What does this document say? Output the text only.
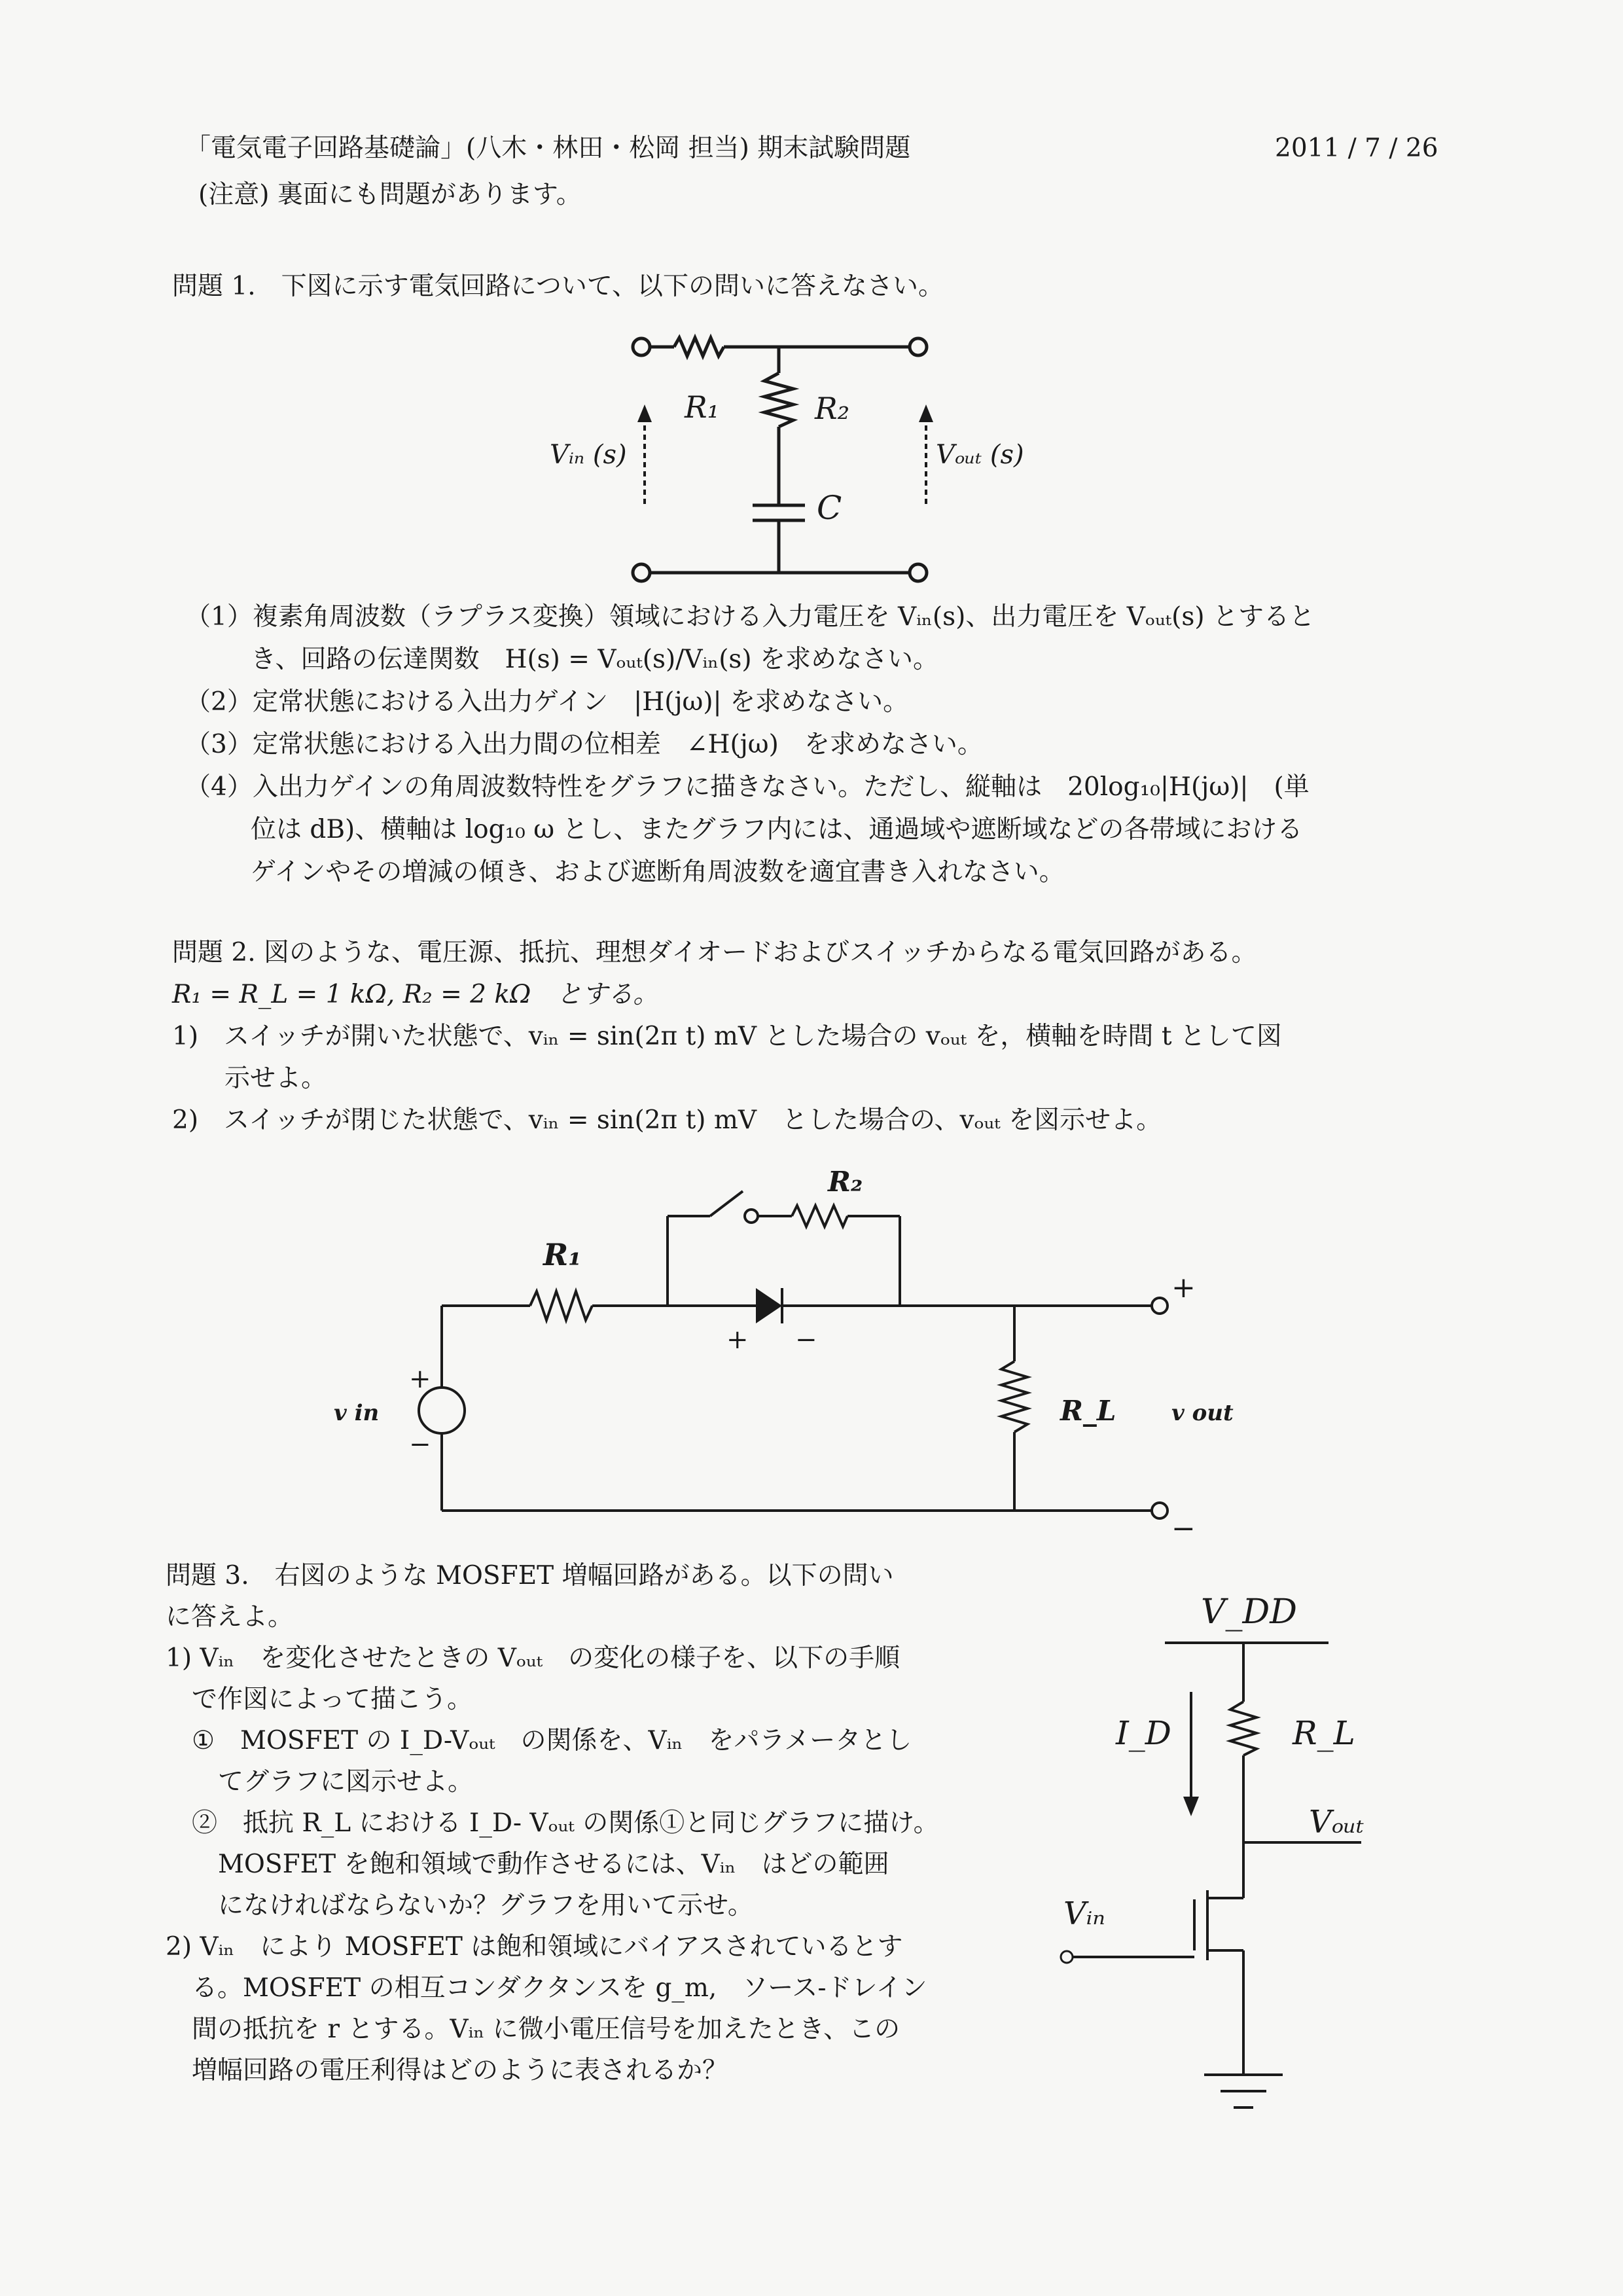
「電気電子回路基礎論」(八木・林田・松岡 担当) 期末試験問題	2011 / 7 / 26
(注意) 裏面にも問題があります。
問題 1.　下図に示す電気回路について、以下の問いに答えなさい。
R₁	R₂
C
Vᵢₙ (s)	Vₒᵤₜ (s)
（1）複素角周波数（ラプラス変換）領域における入力電圧を Vᵢₙ(s)、出力電圧を Vₒᵤₜ(s) とすると
き、回路の伝達関数　H(s) = Vₒᵤₜ(s)/Vᵢₙ(s) を求めなさい。
（2）定常状態における入出力ゲイン　|H(jω)| を求めなさい。
（3）定常状態における入出力間の位相差　∠H(jω)　を求めなさい。
（4）入出力ゲインの角周波数特性をグラフに描きなさい。ただし、縦軸は　20log₁₀|H(jω)|　(単
位は dB)、横軸は log₁₀ ω とし、またグラフ内には、通過域や遮断域などの各帯域における
ゲインやその増減の傾き、および遮断角周波数を適宜書き入れなさい。
問題 2. 図のような、電圧源、抵抗、理想ダイオードおよびスイッチからなる電気回路がある。
R₁ = R_L = 1 kΩ, R₂ = 2 kΩ　とする。
1)　スイッチが開いた状態で、vᵢₙ = sin(2π t) mV とした場合の vₒᵤₜ を，横軸を時間 t として図
示せよ。
2)　スイッチが閉じた状態で、vᵢₙ = sin(2π t) mV　とした場合の、vₒᵤₜ を図示せよ。
R₁
R₂
R_L
v in	v out
+
−
+ −
+
−
問題 3.　右図のような MOSFET 増幅回路がある。以下の問い
に答えよ。
1) Vᵢₙ　を変化させたときの Vₒᵤₜ　の変化の様子を、以下の手順
で作図によって描こう。
①　MOSFET の I_D-Vₒᵤₜ　の関係を、Vᵢₙ　をパラメータとし
てグラフに図示せよ。
②　抵抗 R_L における I_D- Vₒᵤₜ の関係①と同じグラフに描け。
MOSFET を飽和領域で動作させるには、Vᵢₙ　はどの範囲
になければならないか？グラフを用いて示せ。
2) Vᵢₙ　により MOSFET は飽和領域にバイアスされているとす
る。MOSFET の相互コンダクタンスを g_m,　ソース-ドレイン
間の抵抗を r とする。Vᵢₙ に微小電圧信号を加えたとき、この
増幅回路の電圧利得はどのように表されるか？
V_DD
I_D	R_L
Vₒᵤₜ
Vᵢₙ
